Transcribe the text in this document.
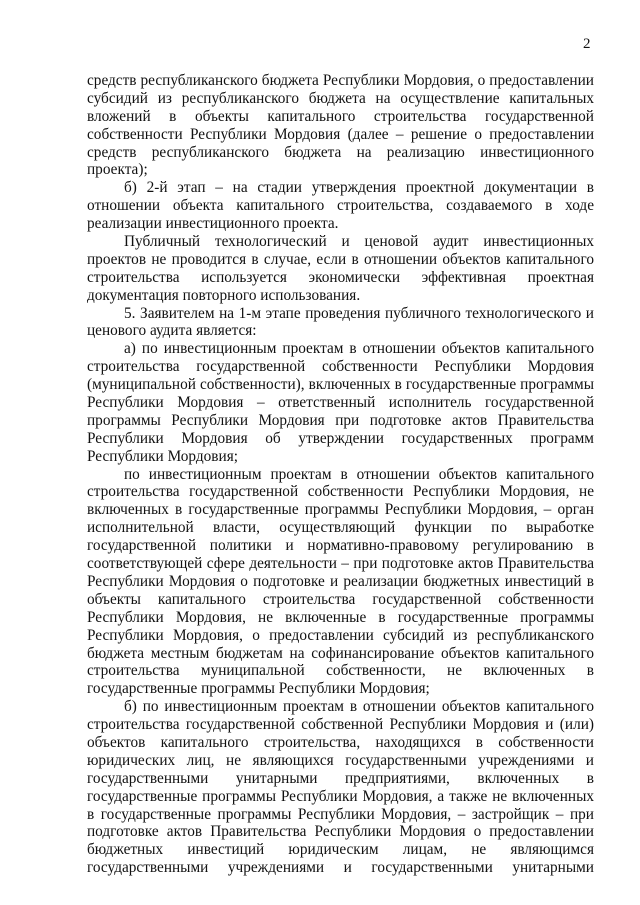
2
средств республиканского бюджета Республики Мордовия, о предоставлении
субсидий из республиканского бюджета на осуществление капитальных
вложений в объекты капитального строительства государственной
собственности Республики Мордовия (далее – решение о предоставлении
средств республиканского бюджета на реализацию инвестиционного
проекта);
б) 2-й этап – на стадии утверждения проектной документации в
отношении объекта капитального строительства, создаваемого в ходе
реализации инвестиционного проекта.
Публичный технологический и ценовой аудит инвестиционных
проектов не проводится в случае, если в отношении объектов капитального
строительства используется экономически эффективная проектная
документация повторного использования.
5. Заявителем на 1-м этапе проведения публичного технологического и
ценового аудита является:
а) по инвестиционным проектам в отношении объектов капитального
строительства государственной собственности Республики Мордовия
(муниципальной собственности), включенных в государственные программы
Республики Мордовия – ответственный исполнитель государственной
программы Республики Мордовия при подготовке актов Правительства
Республики Мордовия об утверждении государственных программ
Республики Мордовия;
по инвестиционным проектам в отношении объектов капитального
строительства государственной собственности Республики Мордовия, не
включенных в государственные программы Республики Мордовия, – орган
исполнительной власти, осуществляющий функции по выработке
государственной политики и нормативно-правовому регулированию в
соответствующей сфере деятельности – при подготовке актов Правительства
Республики Мордовия о подготовке и реализации бюджетных инвестиций в
объекты капитального строительства государственной собственности
Республики Мордовия, не включенные в государственные программы
Республики Мордовия, о предоставлении субсидий из республиканского
бюджета местным бюджетам на софинансирование объектов капитального
строительства муниципальной собственности, не включенных в
государственные программы Республики Мордовия;
б) по инвестиционным проектам в отношении объектов капитального
строительства государственной собственной Республики Мордовия и (или)
объектов капитального строительства, находящихся в собственности
юридических лиц, не являющихся государственными учреждениями и
государственными унитарными предприятиями, включенных в
государственные программы Республики Мордовия, а также не включенных
в государственные программы Республики Мордовия, – застройщик – при
подготовке актов Правительства Республики Мордовия о предоставлении
бюджетных инвестиций юридическим лицам, не являющимся
государственными учреждениями и государственными унитарными
